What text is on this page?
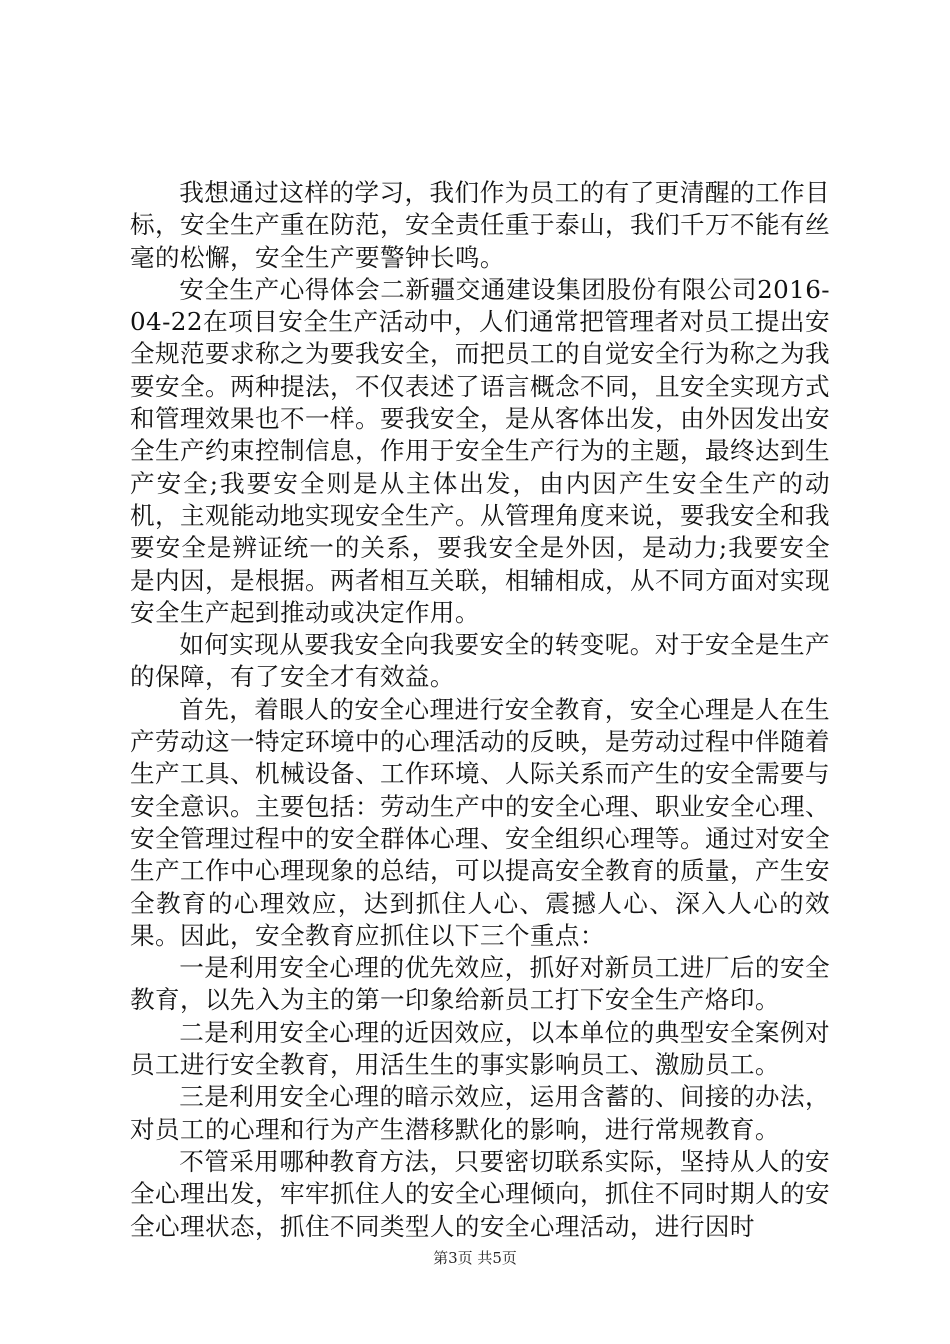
我想通过这样的学习，我们作为员工的有了更清醒的工作目标，安全生产重在防范，安全责任重于泰山，我们千万不能有丝毫的松懈，安全生产要警钟长鸣。

安全生产心得体会二新疆交通建设集团股份有限公司2016-04-22在项目安全生产活动中，人们通常把管理者对员工提出安全规范要求称之为要我安全，而把员工的自觉安全行为称之为我要安全。两种提法，不仅表述了语言概念不同，且安全实现方式和管理效果也不一样。要我安全，是从客体出发，由外因发出安全生产约束控制信息，作用于安全生产行为的主题，最终达到生产安全;我要安全则是从主体出发，由内因产生安全生产的动机，主观能动地实现安全生产。从管理角度来说，要我安全和我要安全是辨证统一的关系，要我安全是外因，是动力;我要安全是内因，是根据。两者相互关联，相辅相成，从不同方面对实现安全生产起到推动或决定作用。

如何实现从要我安全向我要安全的转变呢。对于安全是生产的保障，有了安全才有效益。

首先，着眼人的安全心理进行安全教育，安全心理是人在生产劳动这一特定环境中的心理活动的反映，是劳动过程中伴随着生产工具、机械设备、工作环境、人际关系而产生的安全需要与安全意识。主要包括：劳动生产中的安全心理、职业安全心理、安全管理过程中的安全群体心理、安全组织心理等。通过对安全生产工作中心理现象的总结，可以提高安全教育的质量，产生安全教育的心理效应，达到抓住人心、震撼人心、深入人心的效果。因此，安全教育应抓住以下三个重点：

一是利用安全心理的优先效应，抓好对新员工进厂后的安全教育，以先入为主的第一印象给新员工打下安全生产烙印。

二是利用安全心理的近因效应，以本单位的典型安全案例对员工进行安全教育，用活生生的事实影响员工、激励员工。

三是利用安全心理的暗示效应，运用含蓄的、间接的办法，对员工的心理和行为产生潜移默化的影响，进行常规教育。

不管采用哪种教育方法，只要密切联系实际，坚持从人的安全心理出发，牢牢抓住人的安全心理倾向，抓住不同时期人的安全心理状态，抓住不同类型人的安全心理活动，进行因时

第3页 共5页
